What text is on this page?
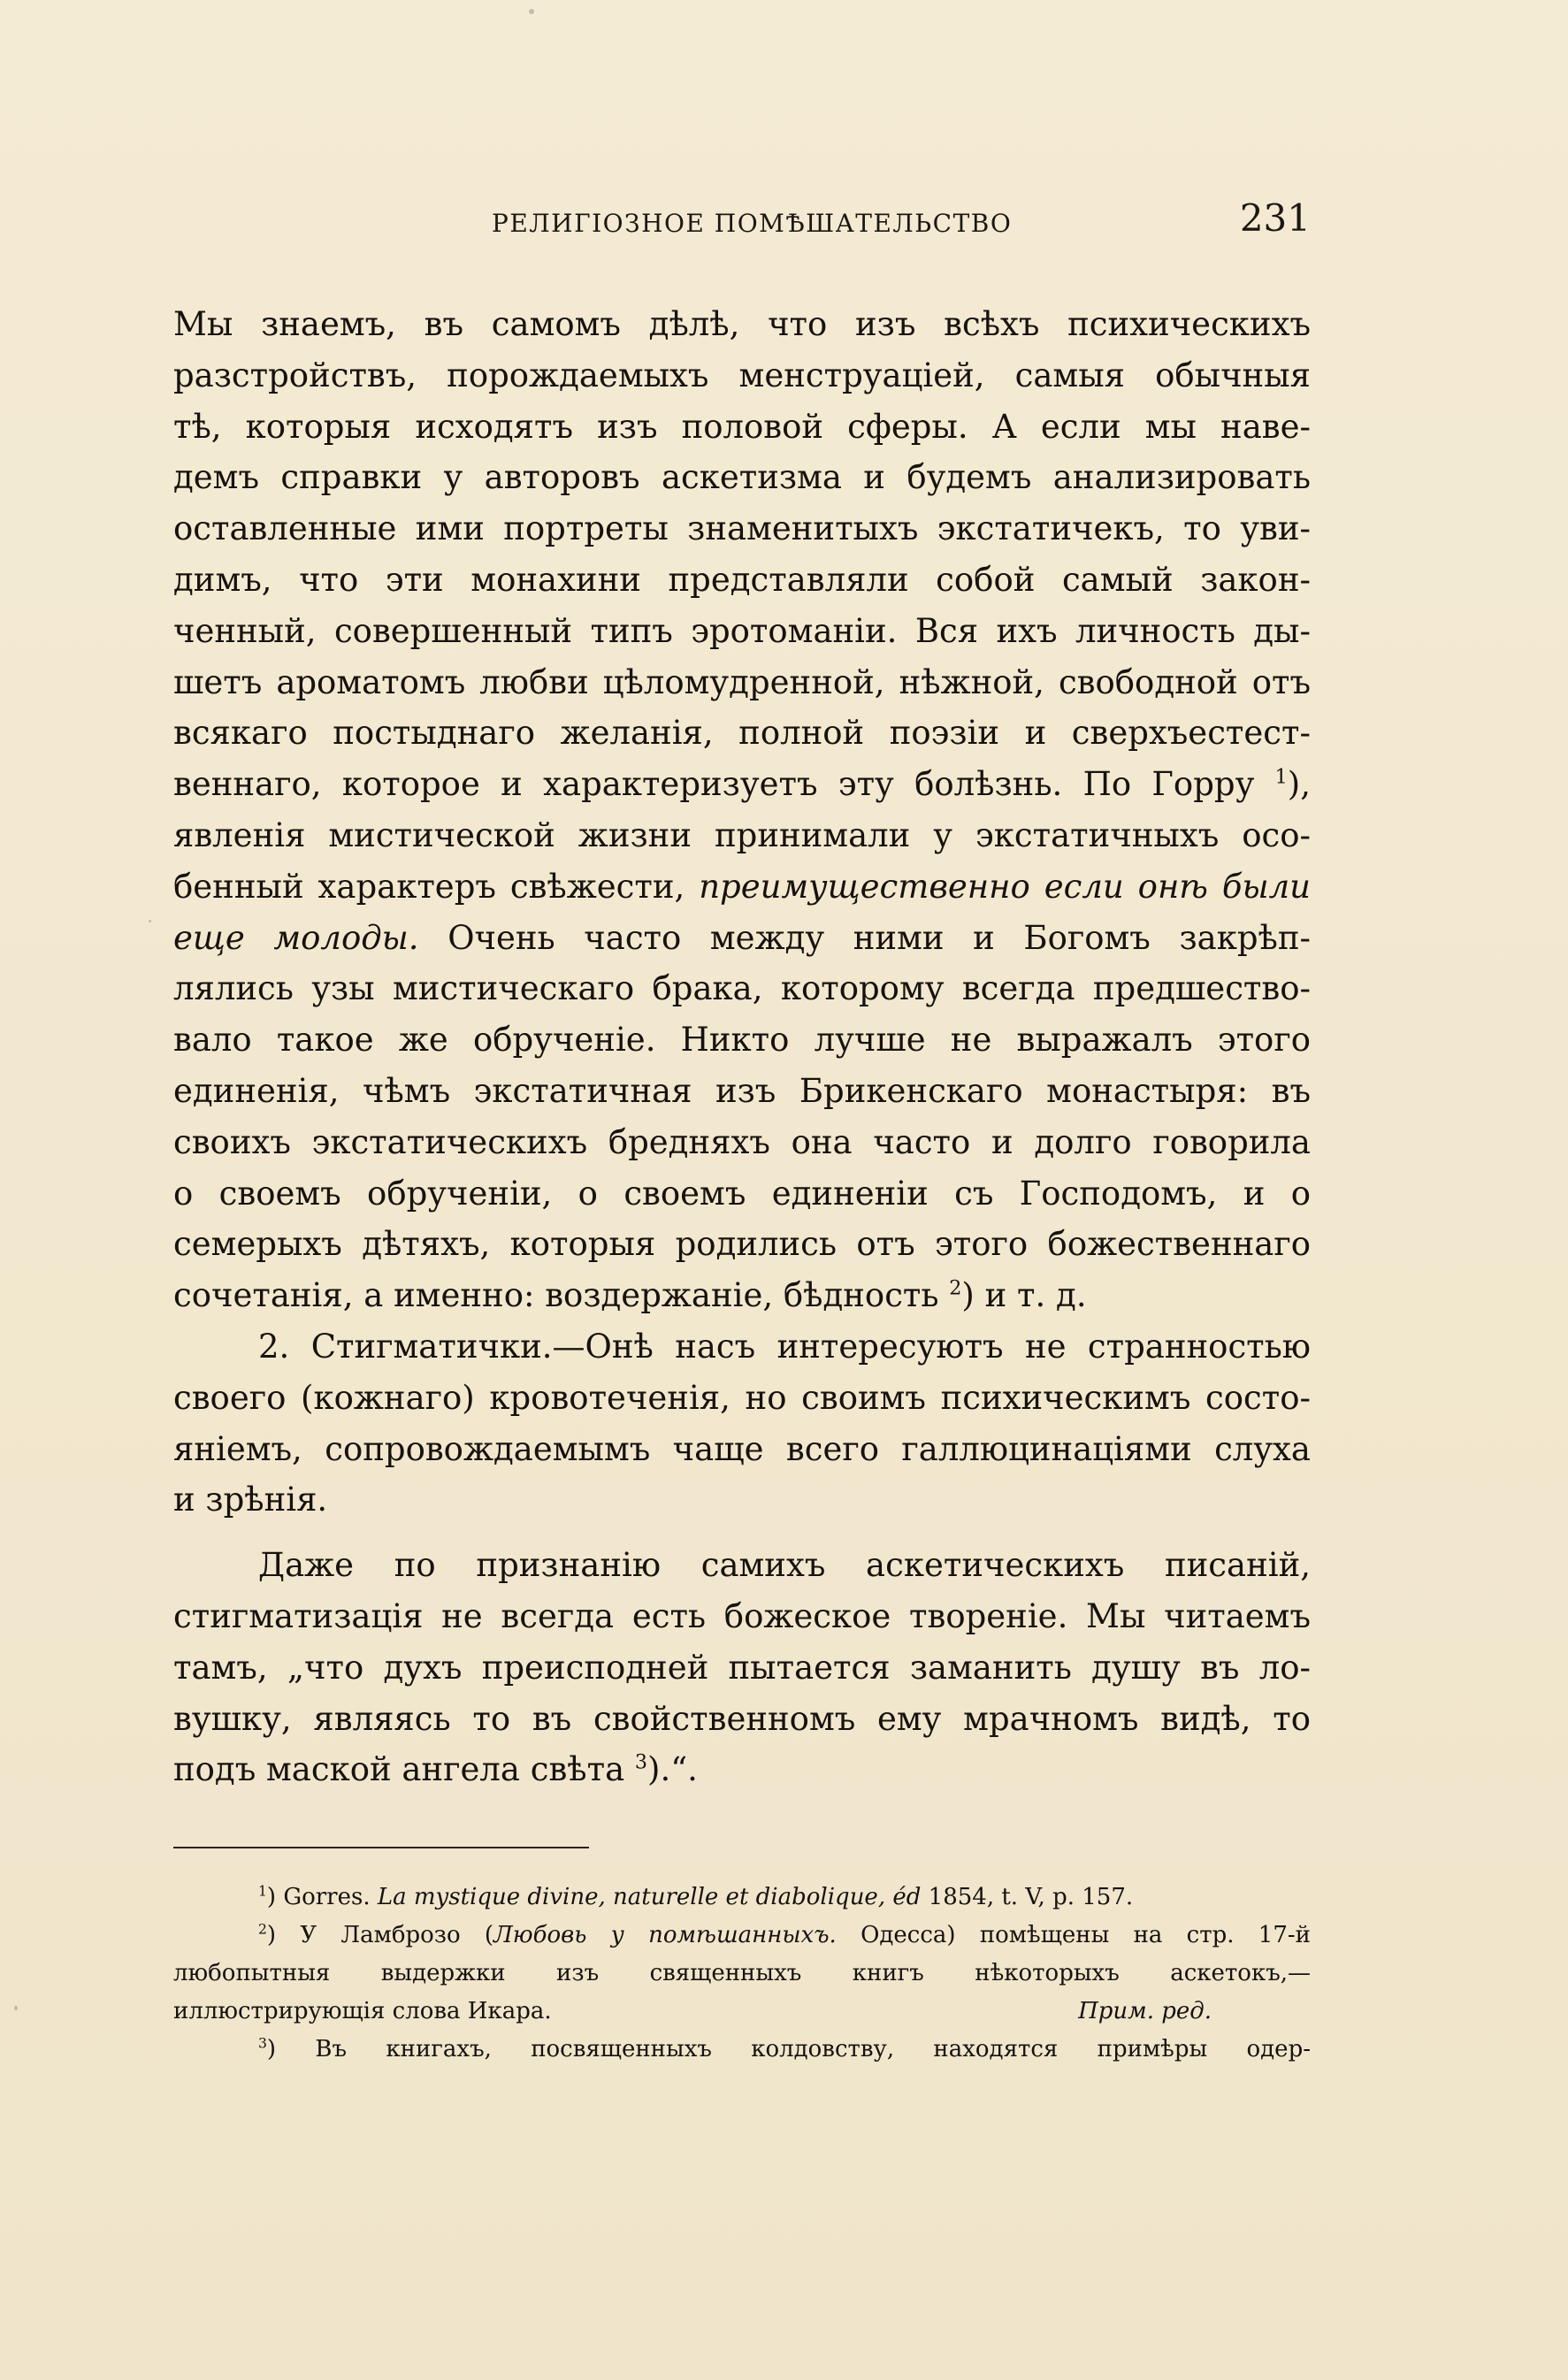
РЕЛИГІОЗНОЕ ПОМѢШАТЕЛЬСТВО	231
Мы знаемъ, въ самомъ дѣлѣ, что изъ всѣхъ психическихъ
разстройствъ, порождаемыхъ менструаціей, самыя обычныя
тѣ, которыя исходятъ изъ половой сферы. А если мы наве-
демъ справки у авторовъ аскетизма и будемъ анализировать
оставленные ими портреты знаменитыхъ экстатичекъ, то уви-
димъ, что эти монахини представляли собой самый закон-
ченный, совершенный типъ эротоманіи. Вся ихъ личность ды-
шетъ ароматомъ любви цѣломудренной, нѣжной, свободной отъ
всякаго постыднаго желанія, полной поэзіи и сверхъестест-
веннаго, которое и характеризуетъ эту болѣзнь. По Горру $^1$),
явленія мистической жизни принимали у экстатичныхъ осо-
бенный характеръ свѣжести, преимущественно если онѣ были
еще молоды. Очень часто между ними и Богомъ закрѣп-
лялись узы мистическаго брака, которому всегда предшество-
вало такое же обрученіе. Никто лучше не выражалъ этого
единенія, чѣмъ экстатичная изъ Брикенскаго монастыря: въ
своихъ экстатическихъ бредняхъ она часто и долго говорила
о своемъ обрученіи, о своемъ единеніи съ Господомъ, и о
семерыхъ дѣтяхъ, которыя родились отъ этого божественнаго
сочетанія, а именно: воздержаніе, бѣдность $^2$) и т. д.
2. Стигматички.—Онѣ насъ интересуютъ не странностью
своего (кожнаго) кровотеченія, но своимъ психическимъ состо-
яніемъ, сопровождаемымъ чаще всего галлюцинаціями слуха
и зрѣнія.
Даже по признанію самихъ аскетическихъ писаній,
стигматизація не всегда есть божеское твореніе. Мы читаемъ
тамъ, „что духъ преисподней пытается заманить душу въ ло-
вушку, являясь то въ свойственномъ ему мрачномъ видѣ, то
подъ маской ангела свѣта $^3$).“.
$^1$) Gorres. La mystique divine, naturelle et diabolique, éd 1854, t. V, p. 157.
$^2$) У Ламброзо (Любовь у помѣшанныхъ. Одесса) помѣщены на стр. 17-й
любопытныя выдержки изъ священныхъ книгъ нѣкоторыхъ аскетокъ,—
иллюстрирующія слова Икара.	Прим. ред.
$^3$) Въ книгахъ, посвященныхъ колдовству, находятся примѣры одер-
